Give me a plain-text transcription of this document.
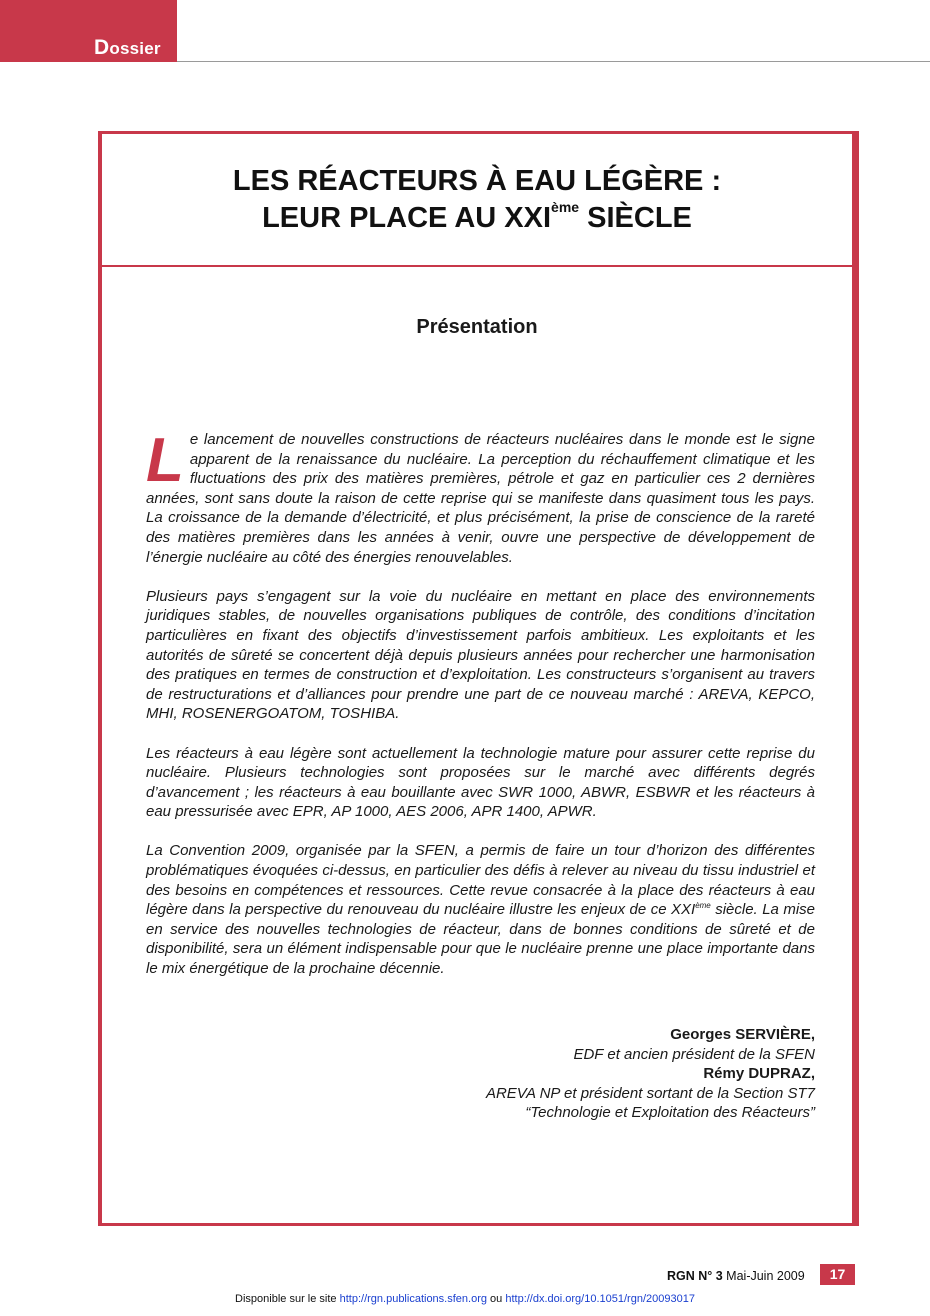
Dossier
LES RÉACTEURS À EAU LÉGÈRE :
LEUR PLACE AU XXIème SIÈCLE
Présentation

Le lancement de nouvelles constructions de réacteurs nucléaires dans le monde est le signe apparent de la renaissance du nucléaire. La perception du réchauffement climatique et les fluctuations des prix des matières premières, pétrole et gaz en particulier ces 2 dernières années, sont sans doute la raison de cette reprise qui se manifeste dans quasiment tous les pays. La croissance de la demande d’électricité, et plus précisément, la prise de conscience de la rareté des matières premières dans les années à venir, ouvre une perspective de développement de l’énergie nucléaire au côté des énergies renouvelables.

Plusieurs pays s’engagent sur la voie du nucléaire en mettant en place des environnements juridiques stables, de nouvelles organisations publiques de contrôle, des conditions d’incitation particulières en fixant des objectifs d’investissement parfois ambitieux. Les exploitants et les autorités de sûreté se concertent déjà depuis plusieurs années pour rechercher une harmonisation des pratiques en termes de construction et d’exploitation. Les constructeurs s’organisent au travers de restructurations et d’alliances pour prendre une part de ce nouveau marché : AREVA, KEPCO, MHI, ROSENERGOATOM, TOSHIBA.

Les réacteurs à eau légère sont actuellement la technologie mature pour assurer cette reprise du nucléaire. Plusieurs technologies sont proposées sur le marché avec différents degrés d’avancement ; les réacteurs à eau bouillante avec SWR 1000, ABWR, ESBWR et les réacteurs à eau pressurisée avec EPR, AP 1000, AES 2006, APR 1400, APWR.

La Convention 2009, organisée par la SFEN, a permis de faire un tour d’horizon des différentes problématiques évoquées ci-dessus, en particulier des défis à relever au niveau du tissu industriel et des besoins en compétences et ressources. Cette revue consacrée à la place des réacteurs à eau légère dans la perspective du renouveau du nucléaire illustre les enjeux de ce XXIème siècle. La mise en service des nouvelles technologies de réacteur, dans de bonnes conditions de sûreté et de disponibilité, sera un élément indispensable pour que le nucléaire prenne une place importante dans le mix énergétique de la prochaine décennie.

Georges SERVIÈRE,
EDF et ancien président de la SFEN
Rémy DUPRAZ,
AREVA NP et président sortant de la Section ST7
“Technologie et Exploitation des Réacteurs”
RGN N° 3 Mai-Juin 2009	17
Disponible sur le site http://rgn.publications.sfen.org ou http://dx.doi.org/10.1051/rgn/20093017
